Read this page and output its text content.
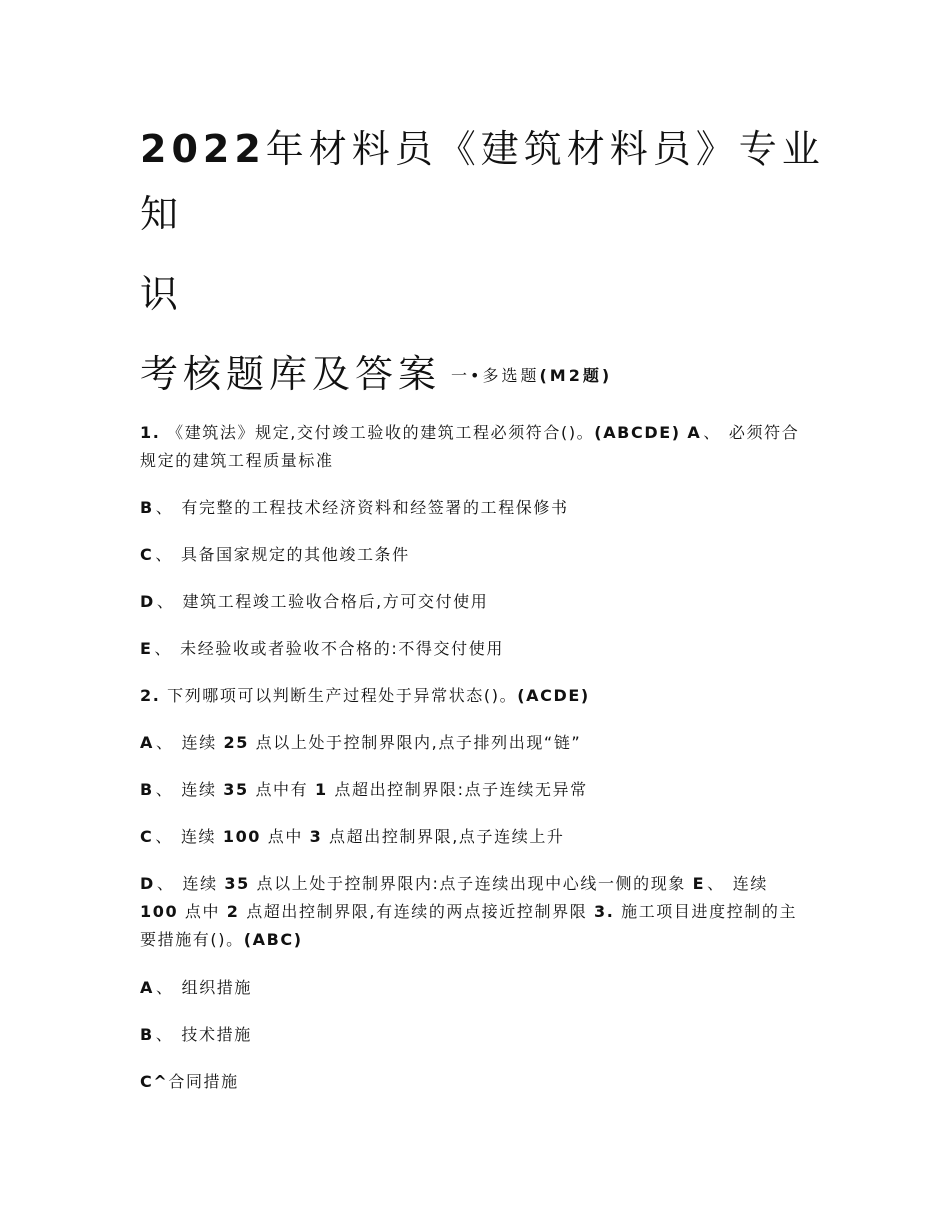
2022年材料员《建筑材料员》专业
知
识
考核题库及答案 一•多选题(M2题)
1. 《建筑法》规定,交付竣工验收的建筑工程必须符合()。(ABCDE) A 、 必须符合规定的建筑工程质量标准
B 、 有完整的工程技术经济资料和经签署的工程保修书
C 、 具备国家规定的其他竣工条件
D 、 建筑工程竣工验收合格后,方可交付使用
E 、 未经验收或者验收不合格的:不得交付使用
2. 下列哪项可以判断生产过程处于异常状态()。(ACDE)
A 、 连续 25 点以上处于控制界限内,点子排列出现“链”
B 、 连续 35 点中有 1 点超出控制界限:点子连续无异常
C 、 连续 100 点中 3 点超出控制界限,点子连续上升
D 、 连续 35 点以上处于控制界限内:点子连续出现中心线一侧的现象 E 、 连续 100 点中 2 点超出控制界限,有连续的两点接近控制界限 3. 施工项目进度控制的主要措施有()。(ABC)
A 、 组织措施
B 、 技术措施
C^合同措施
